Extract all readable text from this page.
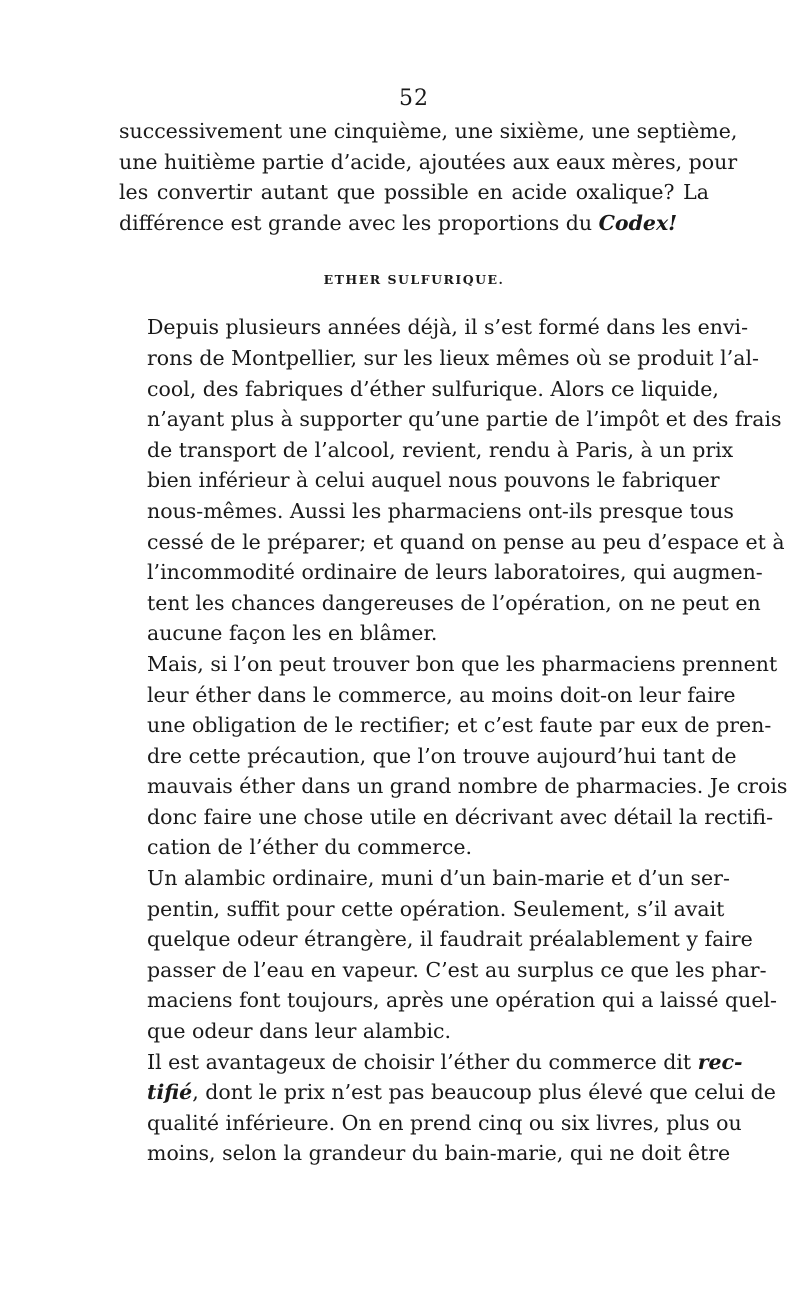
52

successivement une cinquième, une sixième, une septième,
une huitième partie d’acide, ajoutées aux eaux mères, pour
les convertir autant que possible en acide oxalique? La
différence est grande avec les proportions du Codex!

ETHER SULFURIQUE.

Depuis plusieurs années déjà, il s’est formé dans les envi-
rons de Montpellier, sur les lieux mêmes où se produit l’al-
cool, des fabriques d’éther sulfurique. Alors ce liquide,
n’ayant plus à supporter qu’une partie de l’impôt et des frais
de transport de l’alcool, revient, rendu à Paris, à un prix
bien inférieur à celui auquel nous pouvons le fabriquer
nous-mêmes. Aussi les pharmaciens ont-ils presque tous
cessé de le préparer; et quand on pense au peu d’espace et à
l’incommodité ordinaire de leurs laboratoires, qui augmen-
tent les chances dangereuses de l’opération, on ne peut en
aucune façon les en blâmer.

Mais, si l’on peut trouver bon que les pharmaciens prennent
leur éther dans le commerce, au moins doit-on leur faire
une obligation de le rectifier; et c’est faute par eux de pren-
dre cette précaution, que l’on trouve aujourd’hui tant de
mauvais éther dans un grand nombre de pharmacies. Je crois
donc faire une chose utile en décrivant avec détail la rectifi-
cation de l’éther du commerce.

Un alambic ordinaire, muni d’un bain-marie et d’un ser-
pentin, suffit pour cette opération. Seulement, s’il avait
quelque odeur étrangère, il faudrait préalablement y faire
passer de l’eau en vapeur. C’est au surplus ce que les phar-
maciens font toujours, après une opération qui a laissé quel-
que odeur dans leur alambic.

Il est avantageux de choisir l’éther du commerce dit rec-
tifié, dont le prix n’est pas beaucoup plus élevé que celui de
qualité inférieure. On en prend cinq ou six livres, plus ou
moins, selon la grandeur du bain-marie, qui ne doit être
